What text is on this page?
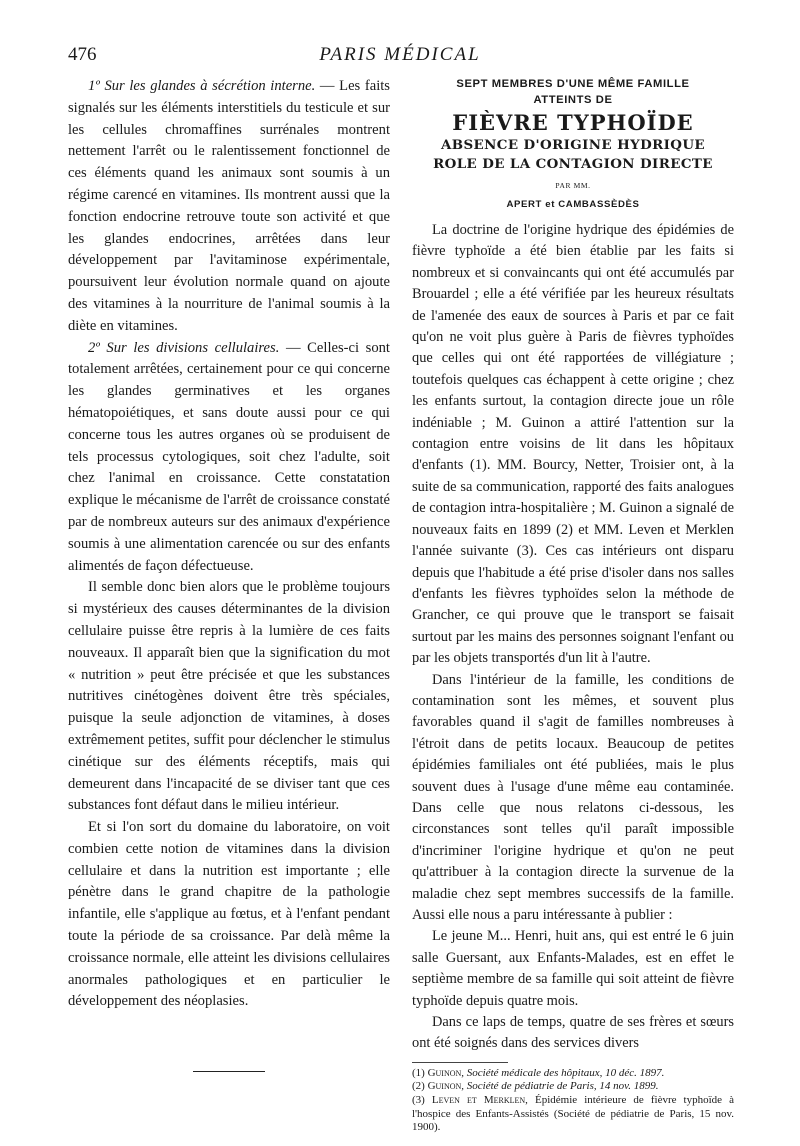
476	PARIS MÉDICAL

1º Sur les glandes à sécrétion interne. — Les faits signalés sur les éléments interstitiels du testicule et sur les cellules chromaffines surrénales montrent nettement l'arrêt ou le ralentissement fonctionnel de ces éléments quand les animaux sont soumis à un régime carencé en vitamines. Ils montrent aussi que la fonction endocrine retrouve toute son activité et que les glandes endocrines, arrêtées dans leur développement par l'avitaminose expérimentale, poursuivent leur évolution normale quand on ajoute des vitamines à la nourriture de l'animal soumis à la diète en vitamines.

2º Sur les divisions cellulaires. — Celles-ci sont totalement arrêtées, certainement pour ce qui concerne les glandes germinatives et les organes hématopoiétiques, et sans doute aussi pour ce qui concerne tous les autres organes où se produisent de tels processus cytologiques, soit chez l'adulte, soit chez l'animal en croissance. Cette constatation explique le mécanisme de l'arrêt de croissance constaté par de nombreux auteurs sur des animaux d'expérience soumis à une alimentation carencée ou sur des enfants alimentés de façon défectueuse.

Il semble donc bien alors que le problème toujours si mystérieux des causes déterminantes de la division cellulaire puisse être repris à la lumière de ces faits nouveaux. Il apparaît bien que la signification du mot « nutrition » peut être précisée et que les substances nutritives cinétogènes doivent être très spéciales, puisque la seule adjonction de vitamines, à doses extrêmement petites, suffit pour déclencher le stimulus cinétique sur des éléments réceptifs, mais qui demeurent dans l'incapacité de se diviser tant que ces substances font défaut dans le milieu intérieur.

Et si l'on sort du domaine du laboratoire, on voit combien cette notion de vitamines dans la division cellulaire et dans la nutrition est importante ; elle pénètre dans le grand chapitre de la pathologie infantile, elle s'applique au fœtus, et à l'enfant pendant toute la période de sa croissance. Par delà même la croissance normale, elle atteint les divisions cellulaires anormales pathologiques et en particulier le développement des néoplasies.

SEPT MEMBRES D'UNE MÊME FAMILLE
ATTEINTS DE
FIÈVRE TYPHOÏDE
ABSENCE D'ORIGINE HYDRIQUE
ROLE DE LA CONTAGION DIRECTE
PAR MM.
APERT et CAMBASSÈDÈS

La doctrine de l'origine hydrique des épidémies de fièvre typhoïde a été bien établie par les faits si nombreux et si convaincants qui ont été accumulés par Brouardel ; elle a été vérifiée par les heureux résultats de l'amenée des eaux de sources à Paris et par ce fait qu'on ne voit plus guère à Paris de fièvres typhoïdes que celles qui ont été rapportées de villégiature ; toutefois quelques cas échappent à cette origine ; chez les enfants surtout, la contagion directe joue un rôle indéniable ; M. Guinon a attiré l'attention sur la contagion entre voisins de lit dans les hôpitaux d'enfants (1). MM. Bourcy, Netter, Troisier ont, à la suite de sa communication, rapporté des faits analogues de contagion intra-hospitalière ; M. Guinon a signalé de nouveaux faits en 1899 (2) et MM. Leven et Merklen l'année suivante (3). Ces cas intérieurs ont disparu depuis que l'habitude a été prise d'isoler dans nos salles d'enfants les fièvres typhoïdes selon la méthode de Grancher, ce qui prouve que le transport se faisait surtout par les mains des personnes soignant l'enfant ou par les objets transportés d'un lit à l'autre.

Dans l'intérieur de la famille, les conditions de contamination sont les mêmes, et souvent plus favorables quand il s'agit de familles nombreuses à l'étroit dans de petits locaux. Beaucoup de petites épidémies familiales ont été publiées, mais le plus souvent dues à l'usage d'une même eau contaminée. Dans celle que nous relatons ci-dessous, les circonstances sont telles qu'il paraît impossible d'incriminer l'origine hydrique et qu'on ne peut qu'attribuer à la contagion directe la survenue de la maladie chez sept membres successifs de la famille. Aussi elle nous a paru intéressante à publier :

Le jeune M... Henri, huit ans, qui est entré le 6 juin salle Guersant, aux Enfants-Malades, est en effet le septième membre de sa famille qui soit atteint de fièvre typhoïde depuis quatre mois.

Dans ce laps de temps, quatre de ses frères et sœurs ont été soignés dans des services divers

(1) Guinon, Société médicale des hôpitaux, 10 déc. 1897.

(2) Guinon, Société de pédiatrie de Paris, 14 nov. 1899.

(3) Leven et Merklen, Épidémie intérieure de fièvre typhoïde à l'hospice des Enfants-Assistés (Société de pédiatrie de Paris, 15 nov. 1900).
